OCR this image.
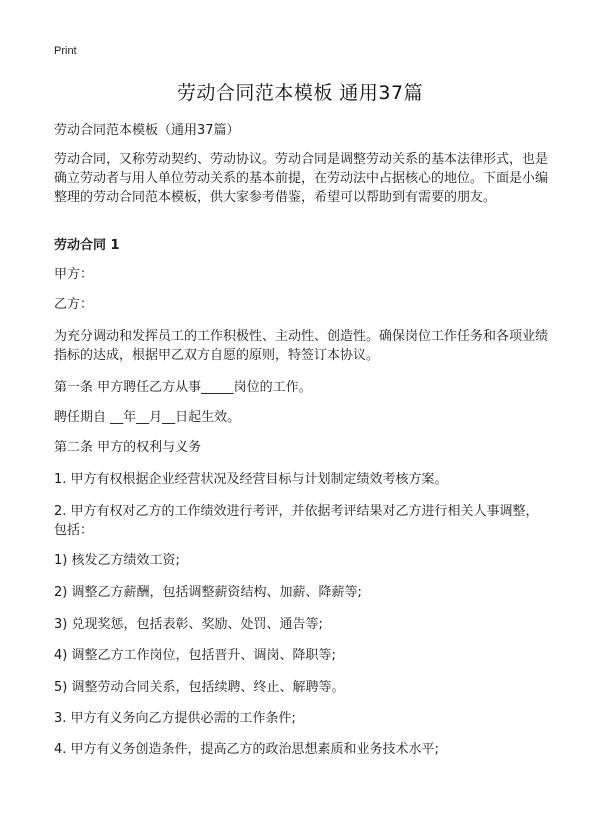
Print
劳动合同范本模板 通用37篇

劳动合同范本模板（通用37篇）

劳动合同，又称劳动契约、劳动协议。劳动合同是调整劳动关系的基本法律形式，也是确立劳动者与用人单位劳动关系的基本前提，在劳动法中占据核心的地位。下面是小编整理的劳动合同范本模板，供大家参考借鉴，希望可以帮助到有需要的朋友。

劳动合同 1

甲方：

乙方：

为充分调动和发挥员工的工作积极性、主动性、创造性。确保岗位工作任务和各项业绩指标的达成，根据甲乙双方自愿的原则，特签订本协议。

第一条 甲方聘任乙方从事_____岗位的工作。

聘任期自 __年__月__日起生效。

第二条 甲方的权利与义务

1. 甲方有权根据企业经营状况及经营目标与计划制定绩效考核方案。

2. 甲方有权对乙方的工作绩效进行考评，并依据考评结果对乙方进行相关人事调整，包括：

1) 核发乙方绩效工资;

2) 调整乙方薪酬，包括调整薪资结构、加薪、降薪等;

3) 兑现奖惩，包括表彰、奖励、处罚、通告等;

4) 调整乙方工作岗位，包括晋升、调岗、降职等;

5) 调整劳动合同关系，包括续聘、终止、解聘等。

3. 甲方有义务向乙方提供必需的工作条件;

4. 甲方有义务创造条件，提高乙方的政治思想素质和业务技术水平;
